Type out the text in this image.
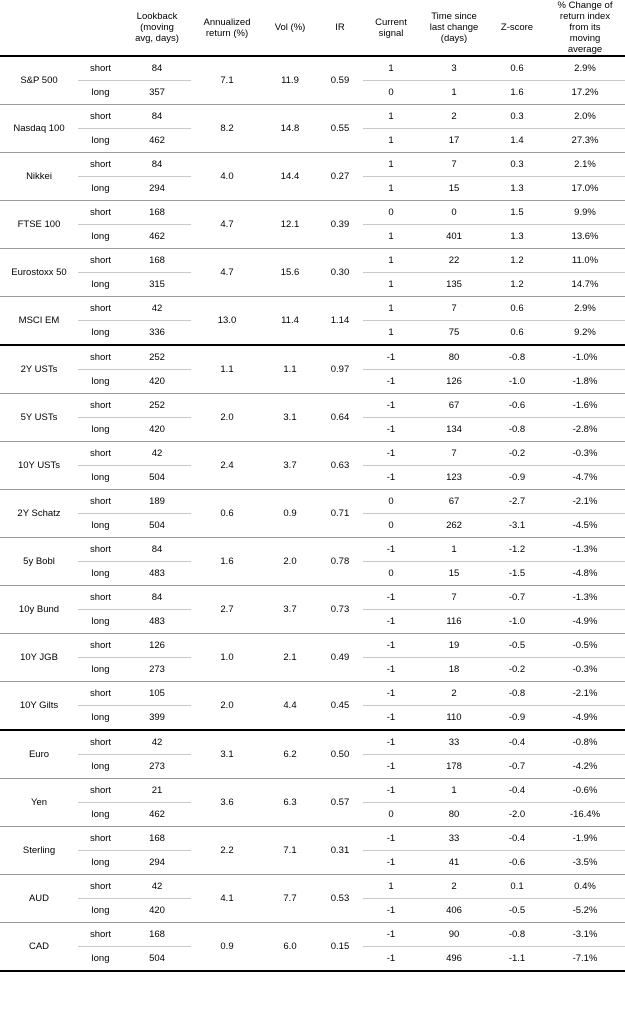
		Lookback
(moving
avg, days)	Annualized
return (%)	Vol (%)	IR	Current
signal	Time since
last change
(days)	Z-score	% Change of
return index
from its
moving
average
S&P 500	short	84	7.1	11.9	0.59	1	3	0.6	2.9%
	long	357				0	1	1.6	17.2%
Nasdaq 100	short	84	8.2	14.8	0.55	1	2	0.3	2.0%
	long	462				1	17	1.4	27.3%
Nikkei	short	84	4.0	14.4	0.27	1	7	0.3	2.1%
	long	294				1	15	1.3	17.0%
FTSE 100	short	168	4.7	12.1	0.39	0	0	1.5	9.9%
	long	462				1	401	1.3	13.6%
Eurostoxx 50	short	168	4.7	15.6	0.30	1	22	1.2	11.0%
	long	315				1	135	1.2	14.7%
MSCI EM	short	42	13.0	11.4	1.14	1	7	0.6	2.9%
	long	336				1	75	0.6	9.2%
2Y USTs	short	252	1.1	1.1	0.97	-1	80	-0.8	-1.0%
	long	420				-1	126	-1.0	-1.8%
5Y USTs	short	252	2.0	3.1	0.64	-1	67	-0.6	-1.6%
	long	420				-1	134	-0.8	-2.8%
10Y USTs	short	42	2.4	3.7	0.63	-1	7	-0.2	-0.3%
	long	504				-1	123	-0.9	-4.7%
2Y Schatz	short	189	0.6	0.9	0.71	0	67	-2.7	-2.1%
	long	504				0	262	-3.1	-4.5%
5y Bobl	short	84	1.6	2.0	0.78	-1	1	-1.2	-1.3%
	long	483				0	15	-1.5	-4.8%
10y Bund	short	84	2.7	3.7	0.73	-1	7	-0.7	-1.3%
	long	483				-1	116	-1.0	-4.9%
10Y JGB	short	126	1.0	2.1	0.49	-1	19	-0.5	-0.5%
	long	273				-1	18	-0.2	-0.3%
10Y Gilts	short	105	2.0	4.4	0.45	-1	2	-0.8	-2.1%
	long	399				-1	110	-0.9	-4.9%
Euro	short	42	3.1	6.2	0.50	-1	33	-0.4	-0.8%
	long	273				-1	178	-0.7	-4.2%
Yen	short	21	3.6	6.3	0.57	-1	1	-0.4	-0.6%
	long	462				0	80	-2.0	-16.4%
Sterling	short	168	2.2	7.1	0.31	-1	33	-0.4	-1.9%
	long	294				-1	41	-0.6	-3.5%
AUD	short	42	4.1	7.7	0.53	1	2	0.1	0.4%
	long	420				-1	406	-0.5	-5.2%
CAD	short	168	0.9	6.0	0.15	-1	90	-0.8	-3.1%
	long	504				-1	496	-1.1	-7.1%
